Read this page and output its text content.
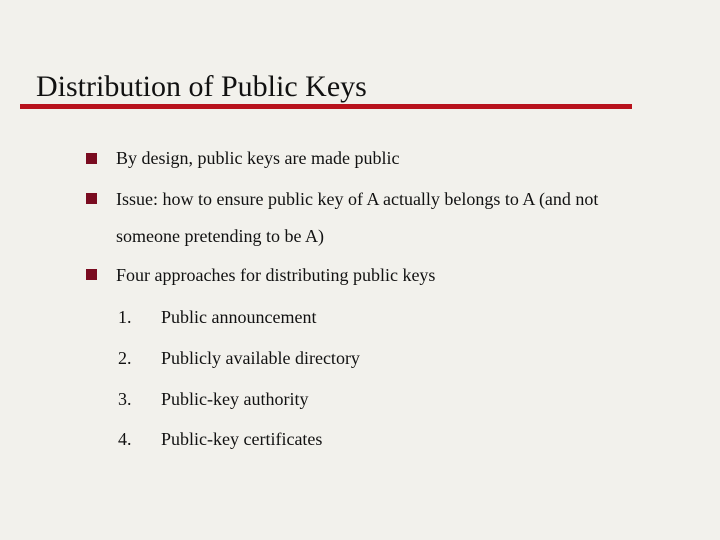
Distribution of Public Keys
By design, public keys are made public
Issue: how to ensure public key of A actually belongs to A (and not
someone pretending to be A)
Four approaches for distributing public keys
1. Public announcement
2. Publicly available directory
3. Public-key authority
4. Public-key certificates
